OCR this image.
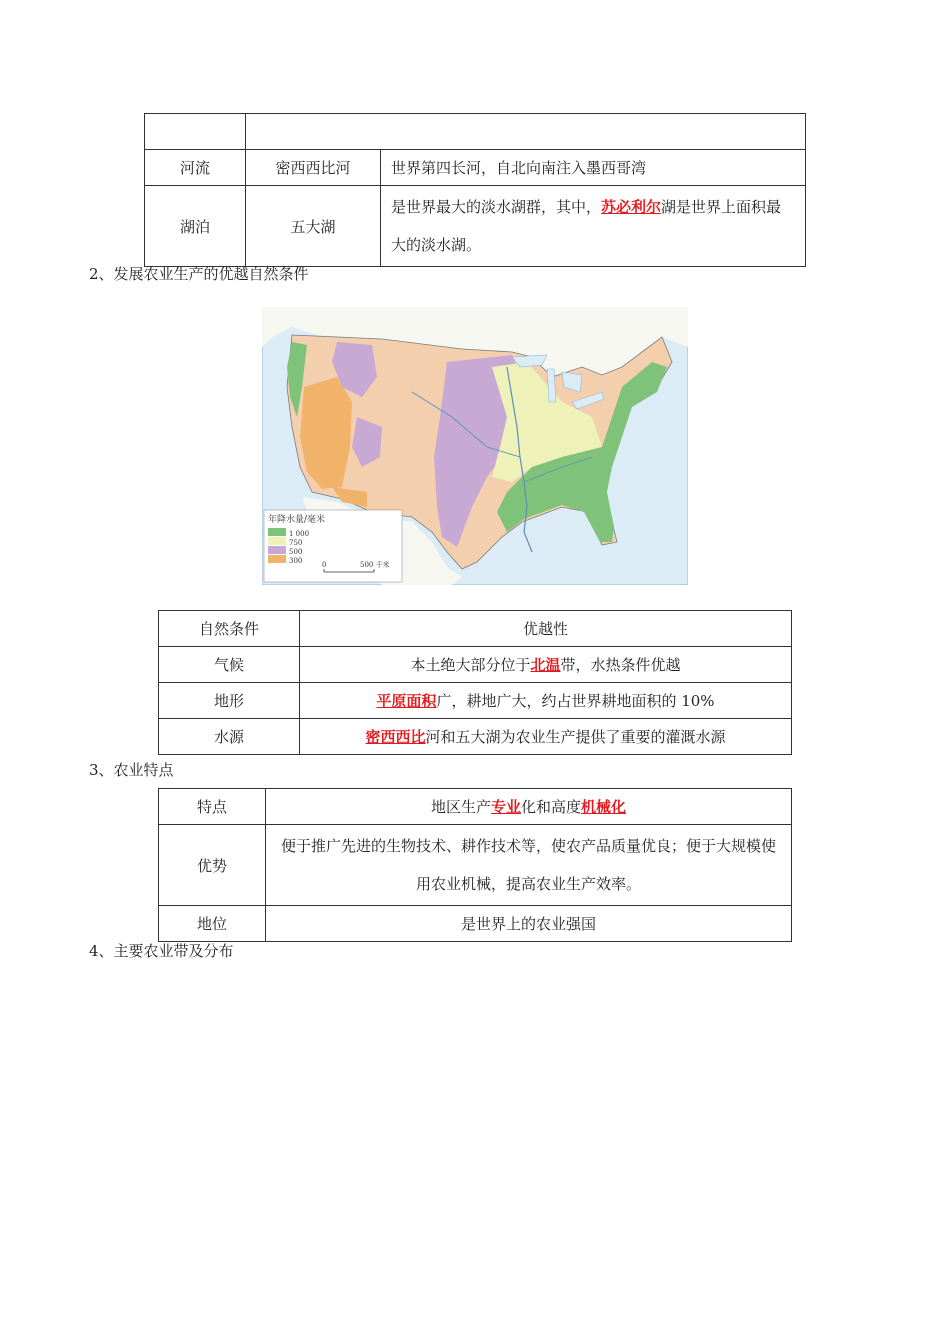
河流	密西西比河	世界第四长河，自北向南注入墨西哥湾
湖泊	五大湖	是世界最大的淡水湖群，其中，苏必利尔湖是世界上面积最大的淡水湖。
2、发展农业生产的优越自然条件
年降水量/毫米
1 000
750
500
300	0	500 千米
自然条件	优越性
气候	本土绝大部分位于北温带，水热条件优越
地形	平原面积广，耕地广大，约占世界耕地面积的 10%
水源	密西西比河和五大湖为农业生产提供了重要的灌溉水源
3、农业特点
特点	地区生产专业化和高度机械化
优势	便于推广先进的生物技术、耕作技术等，使农产品质量优良；便于大规模使用农业机械，提高农业生产效率。
地位	是世界上的农业强国
4、主要农业带及分布
